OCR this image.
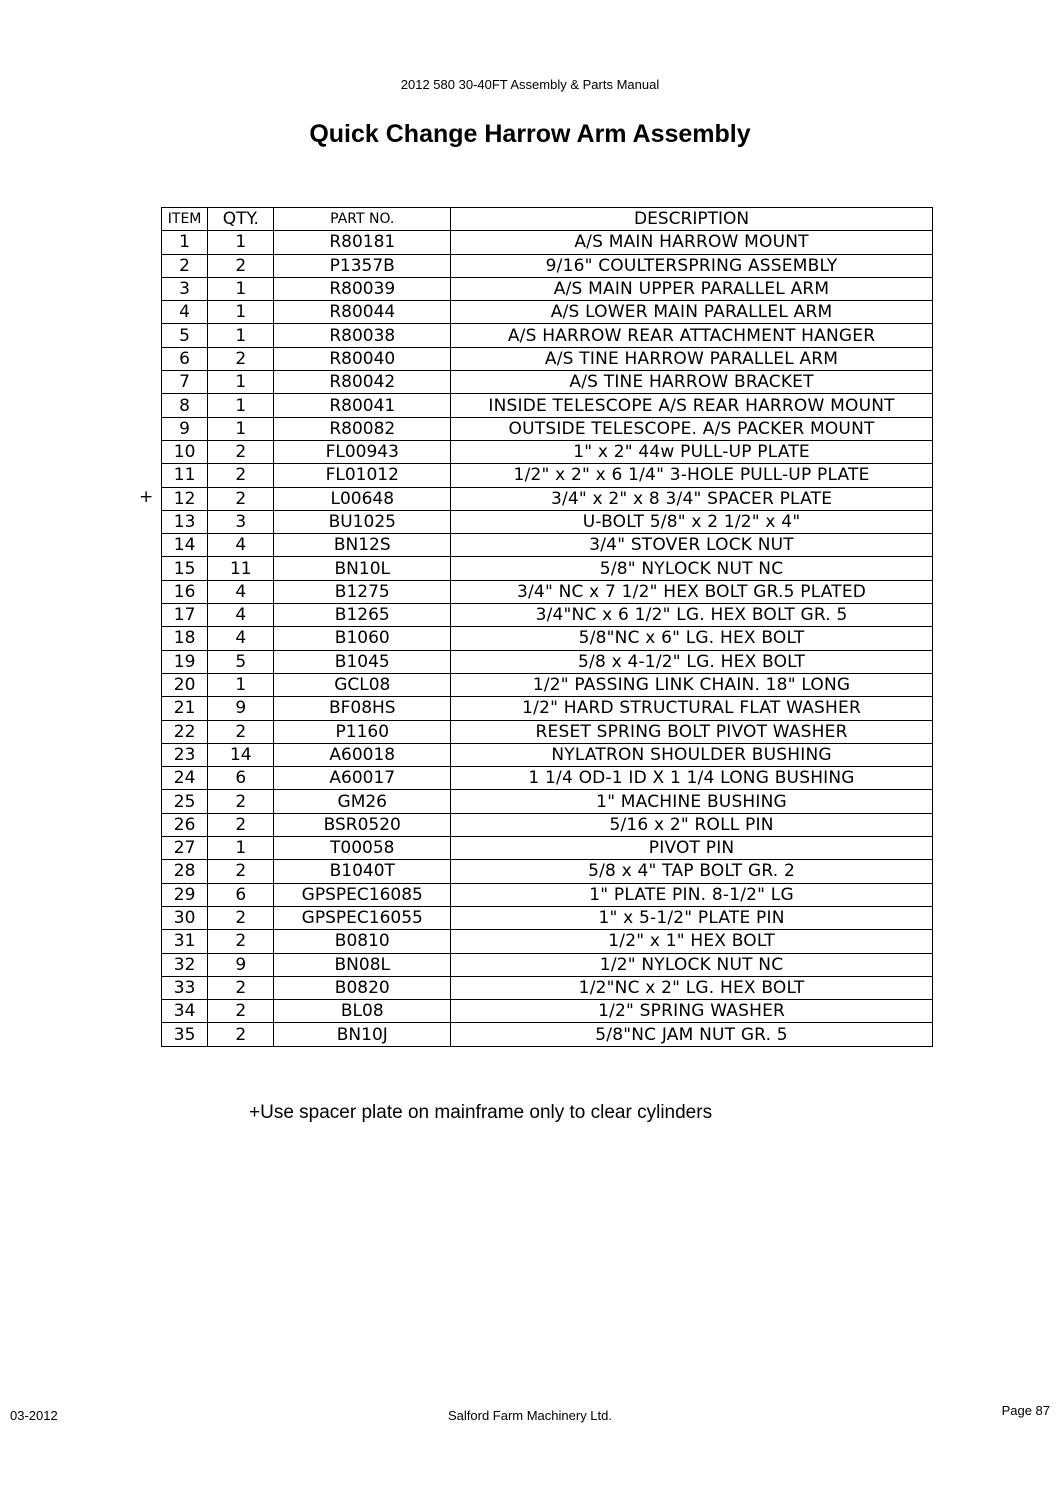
2012 580 30-40FT Assembly & Parts Manual
Quick Change Harrow Arm Assembly
ITEM	QTY.	PART NO.	DESCRIPTION
1	1	R80181	A/S MAIN HARROW MOUNT
2	2	P1357B	9/16" COULTERSPRING ASSEMBLY
3	1	R80039	A/S MAIN UPPER PARALLEL ARM
4	1	R80044	A/S LOWER MAIN PARALLEL ARM
5	1	R80038	A/S HARROW REAR ATTACHMENT HANGER
6	2	R80040	A/S TINE HARROW PARALLEL ARM
7	1	R80042	A/S TINE HARROW BRACKET
8	1	R80041	INSIDE TELESCOPE A/S REAR HARROW MOUNT
9	1	R80082	OUTSIDE TELESCOPE. A/S PACKER MOUNT
10	2	FL00943	1" x 2" 44w PULL-UP PLATE
11	2	FL01012	1/2" x 2" x 6 1/4" 3-HOLE PULL-UP PLATE
12	2	L00648	3/4" x 2" x 8 3/4" SPACER PLATE
13	3	BU1025	U-BOLT 5/8" x 2 1/2" x 4"
14	4	BN12S	3/4" STOVER LOCK NUT
15	11	BN10L	5/8" NYLOCK NUT NC
16	4	B1275	3/4" NC x 7 1/2" HEX BOLT GR.5 PLATED
17	4	B1265	3/4"NC x 6 1/2" LG. HEX BOLT GR. 5
18	4	B1060	5/8"NC x 6" LG. HEX BOLT
19	5	B1045	5/8 x 4-1/2" LG. HEX BOLT
20	1	GCL08	1/2" PASSING LINK CHAIN. 18" LONG
21	9	BF08HS	1/2" HARD STRUCTURAL FLAT WASHER
22	2	P1160	RESET SPRING BOLT PIVOT WASHER
23	14	A60018	NYLATRON SHOULDER BUSHING
24	6	A60017	1 1/4 OD-1 ID X 1 1/4 LONG BUSHING
25	2	GM26	1" MACHINE BUSHING
26	2	BSR0520	5/16 x 2" ROLL PIN
27	1	T00058	PIVOT PIN
28	2	B1040T	5/8 x 4" TAP BOLT GR. 2
29	6	GPSPEC16085	1" PLATE PIN. 8-1/2" LG
30	2	GPSPEC16055	1" x 5-1/2" PLATE PIN
31	2	B0810	1/2" x 1" HEX BOLT
32	9	BN08L	1/2" NYLOCK NUT NC
33	2	B0820	1/2"NC x 2" LG. HEX BOLT
34	2	BL08	1/2" SPRING WASHER
35	2	BN10J	5/8"NC JAM NUT GR. 5
+
+Use spacer plate on mainframe only to clear cylinders
03-2012	Salford Farm Machinery Ltd.	Page 87
